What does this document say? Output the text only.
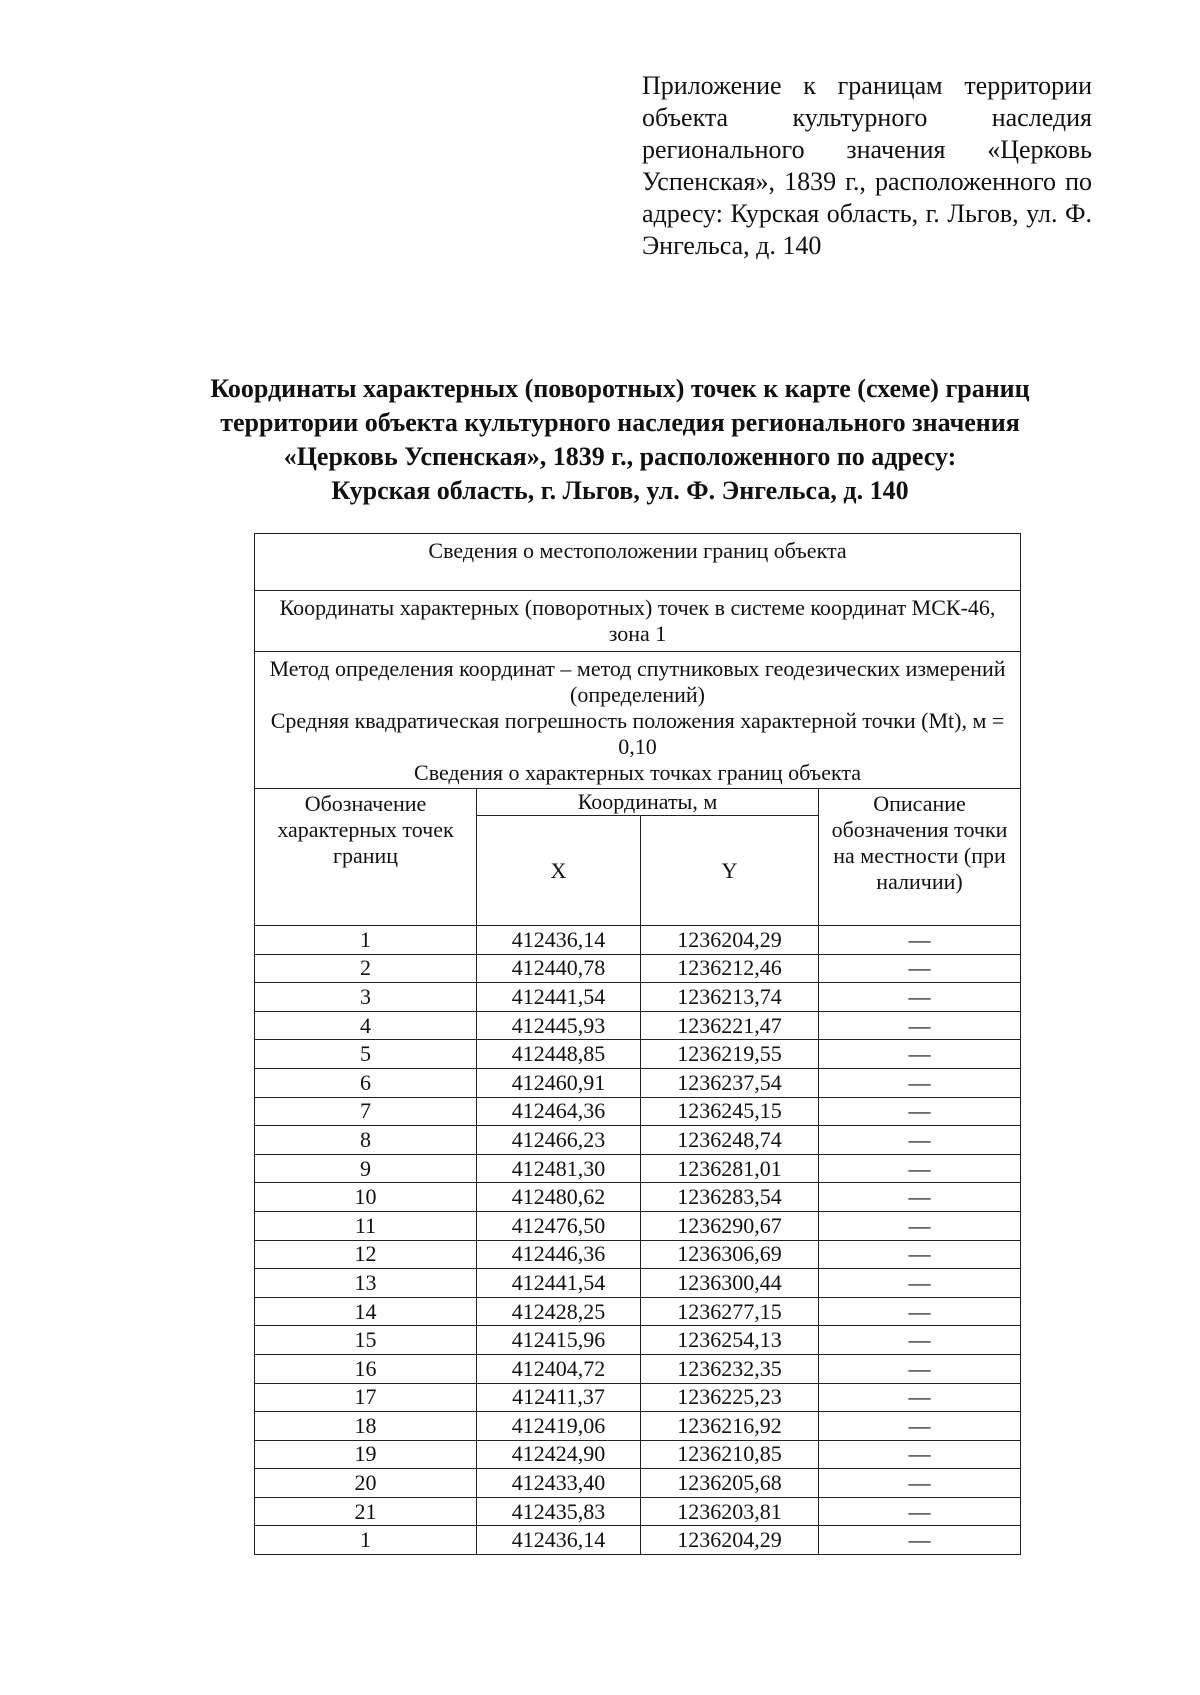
Приложение к границам территории объекта культурного наследия регионального значения «Церковь Успенская», 1839 г., расположенного по адресу: Курская область, г. Льгов, ул. Ф. Энгельса, д. 140
Координаты характерных (поворотных) точек к карте (схеме) границ
территории объекта культурного наследия регионального значения
«Церковь Успенская», 1839 г., расположенного по адресу:
Курская область, г. Льгов, ул. Ф. Энгельса, д. 140
Сведения о местоположении границ объекта			
Координаты характерных (поворотных) точек в системе координат МСК-46, зона 1			

Метод определения координат – метод спутниковых геодезических измерений (определений)
Средняя квадратическая погрешность положения характерной точки (Mt), м = 0,10
Сведения о характерных точках границ объекта			

Обозначение характерных точек границ	Координаты, м		Описание обозначения точки на местности (при наличии)
	X	Y	
1	412436,14	1236204,29	—
2	412440,78	1236212,46	—
3	412441,54	1236213,74	—
4	412445,93	1236221,47	—
5	412448,85	1236219,55	—
6	412460,91	1236237,54	—
7	412464,36	1236245,15	—
8	412466,23	1236248,74	—
9	412481,30	1236281,01	—
10	412480,62	1236283,54	—
11	412476,50	1236290,67	—
12	412446,36	1236306,69	—
13	412441,54	1236300,44	—
14	412428,25	1236277,15	—
15	412415,96	1236254,13	—
16	412404,72	1236232,35	—
17	412411,37	1236225,23	—
18	412419,06	1236216,92	—
19	412424,90	1236210,85	—
20	412433,40	1236205,68	—
21	412435,83	1236203,81	—
1	412436,14	1236204,29	—
